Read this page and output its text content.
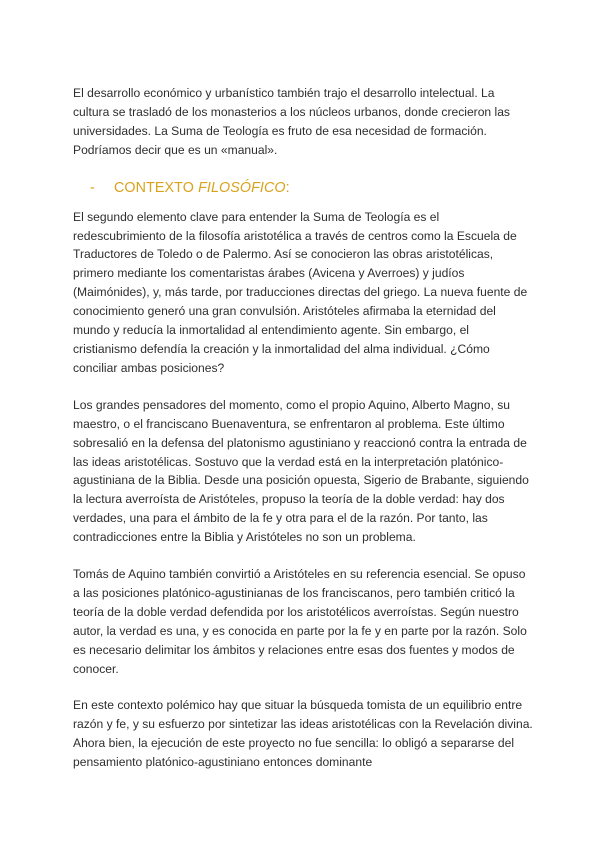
El desarrollo económico y urbanístico también trajo el desarrollo intelectual. La cultura se trasladó de los monasterios a los núcleos urbanos, donde crecieron las universidades. La Suma de Teología es fruto de esa necesidad de formación. Podríamos decir que es un «manual».

- CONTEXTO FILOSÓFICO:

El segundo elemento clave para entender la Suma de Teología es el redescubrimiento de la filosofía aristotélica a través de centros como la Escuela de Traductores de Toledo o de Palermo. Así se conocieron las obras aristotélicas, primero mediante los comentaristas árabes (Avicena y Averroes) y judíos (Maimónides), y, más tarde, por traducciones directas del griego. La nueva fuente de conocimiento generó una gran convulsión. Aristóteles afirmaba la eternidad del mundo y reducía la inmortalidad al entendimiento agente. Sin embargo, el cristianismo defendía la creación y la inmortalidad del alma individual. ¿Cómo conciliar ambas posiciones?

Los grandes pensadores del momento, como el propio Aquino, Alberto Magno, su maestro, o el franciscano Buenaventura, se enfrentaron al problema. Este último sobresalió en la defensa del platonismo agustiniano y reaccionó contra la entrada de las ideas aristotélicas. Sostuvo que la verdad está en la interpretación platónico-agustiniana de la Biblia. Desde una posición opuesta, Sigerio de Brabante, siguiendo la lectura averroísta de Aristóteles, propuso la teoría de la doble verdad: hay dos verdades, una para el ámbito de la fe y otra para el de la razón. Por tanto, las contradicciones entre la Biblia y Aristóteles no son un problema.

Tomás de Aquino también convirtió a Aristóteles en su referencia esencial. Se opuso a las posiciones platónico-agustinianas de los franciscanos, pero también criticó la teoría de la doble verdad defendida por los aristotélicos averroístas. Según nuestro autor, la verdad es una, y es conocida en parte por la fe y en parte por la razón. Solo es necesario delimitar los ámbitos y relaciones entre esas dos fuentes y modos de conocer.

En este contexto polémico hay que situar la búsqueda tomista de un equilibrio entre razón y fe, y su esfuerzo por sintetizar las ideas aristotélicas con la Revelación divina. Ahora bien, la ejecución de este proyecto no fue sencilla: lo obligó a separarse del pensamiento platónico-agustiniano entonces dominante
